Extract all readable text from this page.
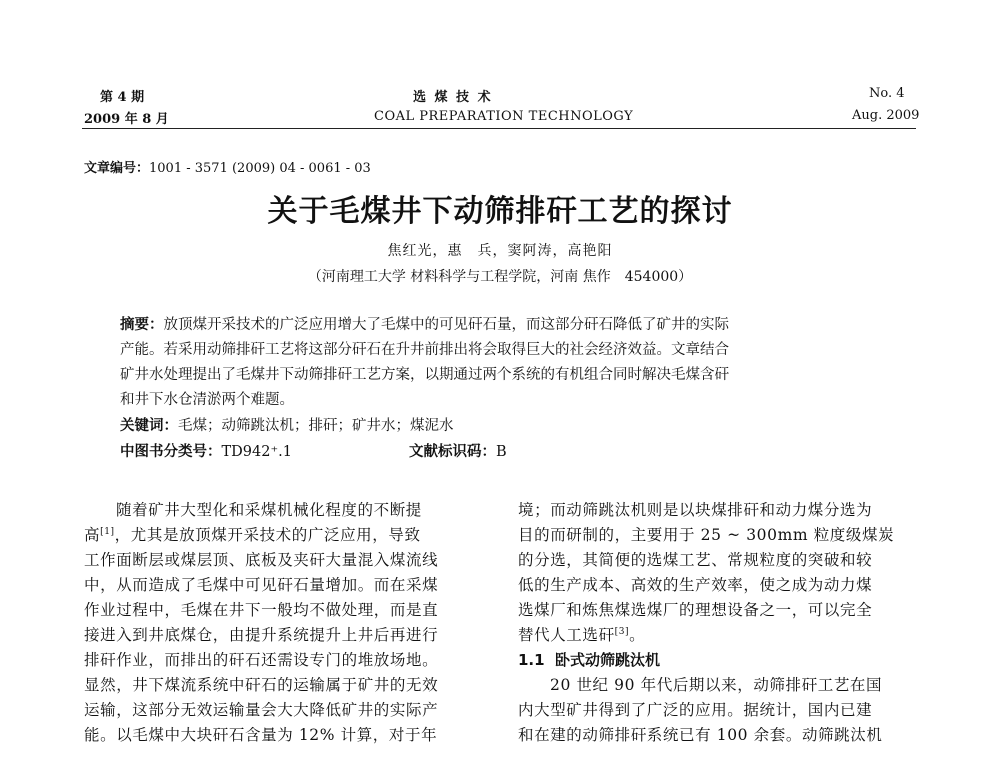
第 4 期
2009 年 8 月
选 煤 技 术
COAL PREPARATION TECHNOLOGY
No. 4
Aug. 2009
文章编号：1001 - 3571 (2009) 04 - 0061 - 03
关于毛煤井下动筛排矸工艺的探讨
焦红光，惠　兵，窦阿涛，高艳阳
（河南理工大学 材料科学与工程学院，河南 焦作　454000）
摘要：放顶煤开采技术的广泛应用增大了毛煤中的可见矸石量，而这部分矸石降低了矿井的实际
产能。若采用动筛排矸工艺将这部分矸石在升井前排出将会取得巨大的社会经济效益。文章结合
矿井水处理提出了毛煤井下动筛排矸工艺方案，以期通过两个系统的有机组合同时解决毛煤含矸
和井下水仓清淤两个难题。
关键词：毛煤；动筛跳汰机；排矸；矿井水；煤泥水
中图书分类号：TD942⁺.1	文献标识码：B
随着矿井大型化和采煤机械化程度的不断提
高[1]，尤其是放顶煤开采技术的广泛应用，导致
工作面断层或煤层顶、底板及夹矸大量混入煤流线
中，从而造成了毛煤中可见矸石量增加。而在采煤
作业过程中，毛煤在井下一般均不做处理，而是直
接进入到井底煤仓，由提升系统提升上井后再进行
排矸作业，而排出的矸石还需设专门的堆放场地。
显然，井下煤流系统中矸石的运输属于矿井的无效
运输，这部分无效运输量会大大降低矿井的实际产
能。以毛煤中大块矸石含量为 12% 计算，对于年
境；而动筛跳汰机则是以块煤排矸和动力煤分选为
目的而研制的，主要用于 25 ~ 300mm 粒度级煤炭
的分选，其简便的选煤工艺、常规粒度的突破和较
低的生产成本、高效的生产效率，使之成为动力煤
选煤厂和炼焦煤选煤厂的理想设备之一，可以完全
替代人工选矸[3]。
1.1 卧式动筛跳汰机
20 世纪 90 年代后期以来，动筛排矸工艺在国
内大型矿井得到了广泛的应用。据统计，国内已建
和在建的动筛排矸系统已有 100 余套。动筛跳汰机
